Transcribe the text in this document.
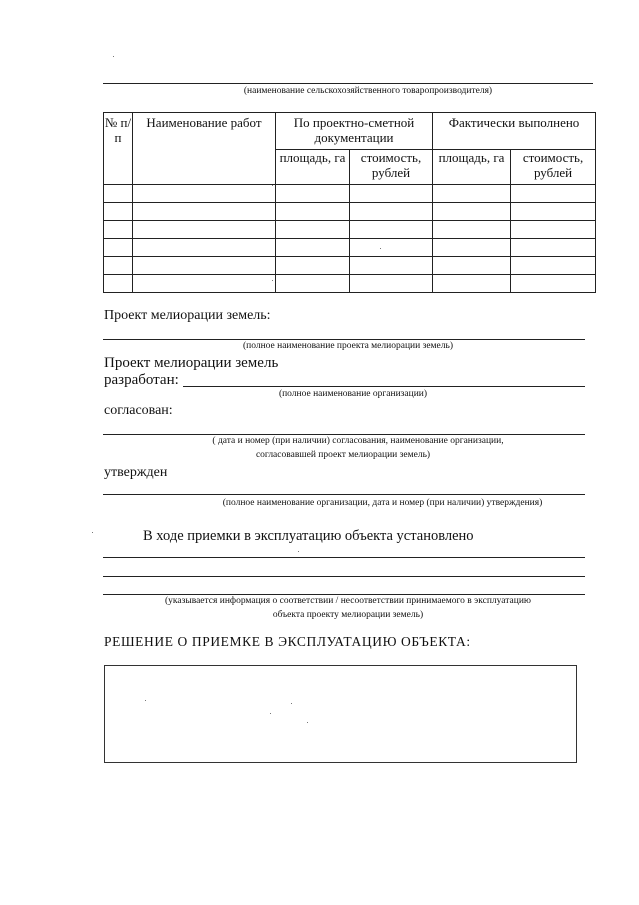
(наименование сельскохозяйственного товаропроизводителя)
№ п/п	Наименование работ	По проектно-сметной документации		Фактически выполнено	
		площадь, га	стоимость, рублей	площадь, га	стоимость, рублей

Проект мелиорации земель:
(полное наименование проекта мелиорации земель)
Проект мелиорации земель
разработан:
(полное наименование организации)
согласован:
( дата и номер (при наличии) согласования, наименование организации,
согласовавшей проект мелиорации земель)
утвержден
(полное наименование организации, дата и номер (при наличии) утверждения)
В ходе приемки в эксплуатацию объекта установлено
(указывается информация о соответствии / несоответствии принимаемого в эксплуатацию
объекта проекту мелиорации земель)
РЕШЕНИЕ О ПРИЕМКЕ В ЭКСПЛУАТАЦИЮ ОБЪЕКТА:
